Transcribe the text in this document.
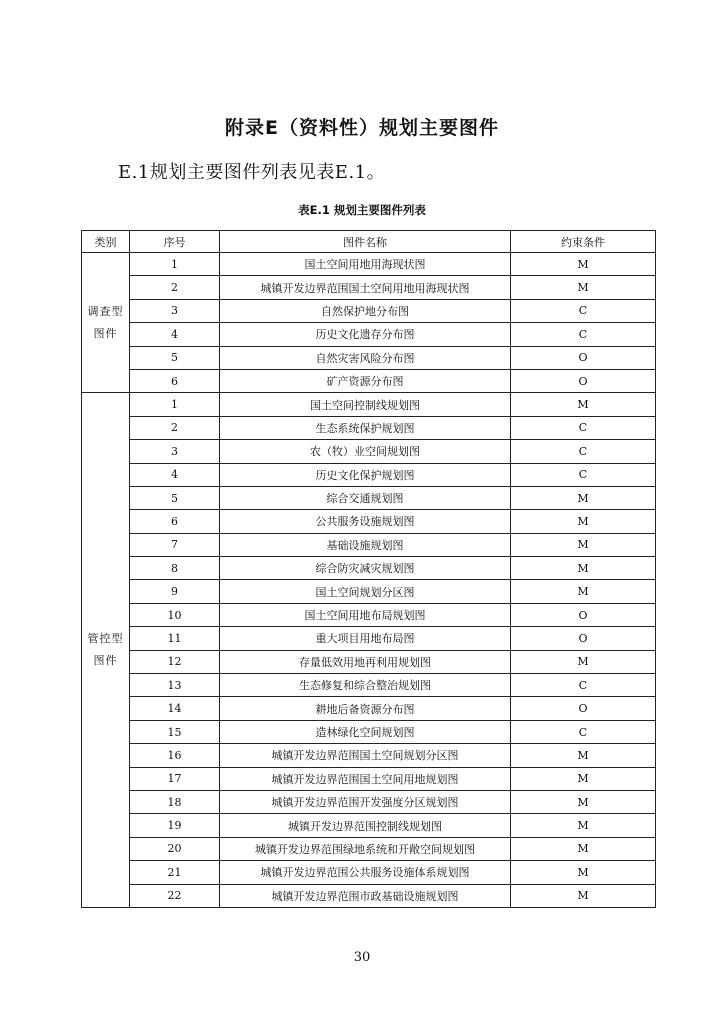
附录E（资料性）规划主要图件
E.1规划主要图件列表见表E.1。
表E.1 规划主要图件列表
类别	序号	图件名称	约束条件

调查型
图件	1	国土空间用地用海现状图	M
	2	城镇开发边界范围国土空间用地用海现状图	M
	3	自然保护地分布图	C
	4	历史文化遗存分布图	C
	5	自然灾害风险分布图	O
	6	矿产资源分布图	O

管控型
图件	1	国土空间控制线规划图	M
	2	生态系统保护规划图	C
	3	农（牧）业空间规划图	C
	4	历史文化保护规划图	C
	5	综合交通规划图	M
	6	公共服务设施规划图	M
	7	基础设施规划图	M
	8	综合防灾减灾规划图	M
	9	国土空间规划分区图	M
	10	国土空间用地布局规划图	O
	11	重大项目用地布局图	O
	12	存量低效用地再利用规划图	M
	13	生态修复和综合整治规划图	C
	14	耕地后备资源分布图	O
	15	造林绿化空间规划图	C
	16	城镇开发边界范围国土空间规划分区图	M
	17	城镇开发边界范围国土空间用地规划图	M
	18	城镇开发边界范围开发强度分区规划图	M
	19	城镇开发边界范围控制线规划图	M
	20	城镇开发边界范围绿地系统和开敞空间规划图	M
	21	城镇开发边界范围公共服务设施体系规划图	M
	22	城镇开发边界范围市政基础设施规划图	M
30
